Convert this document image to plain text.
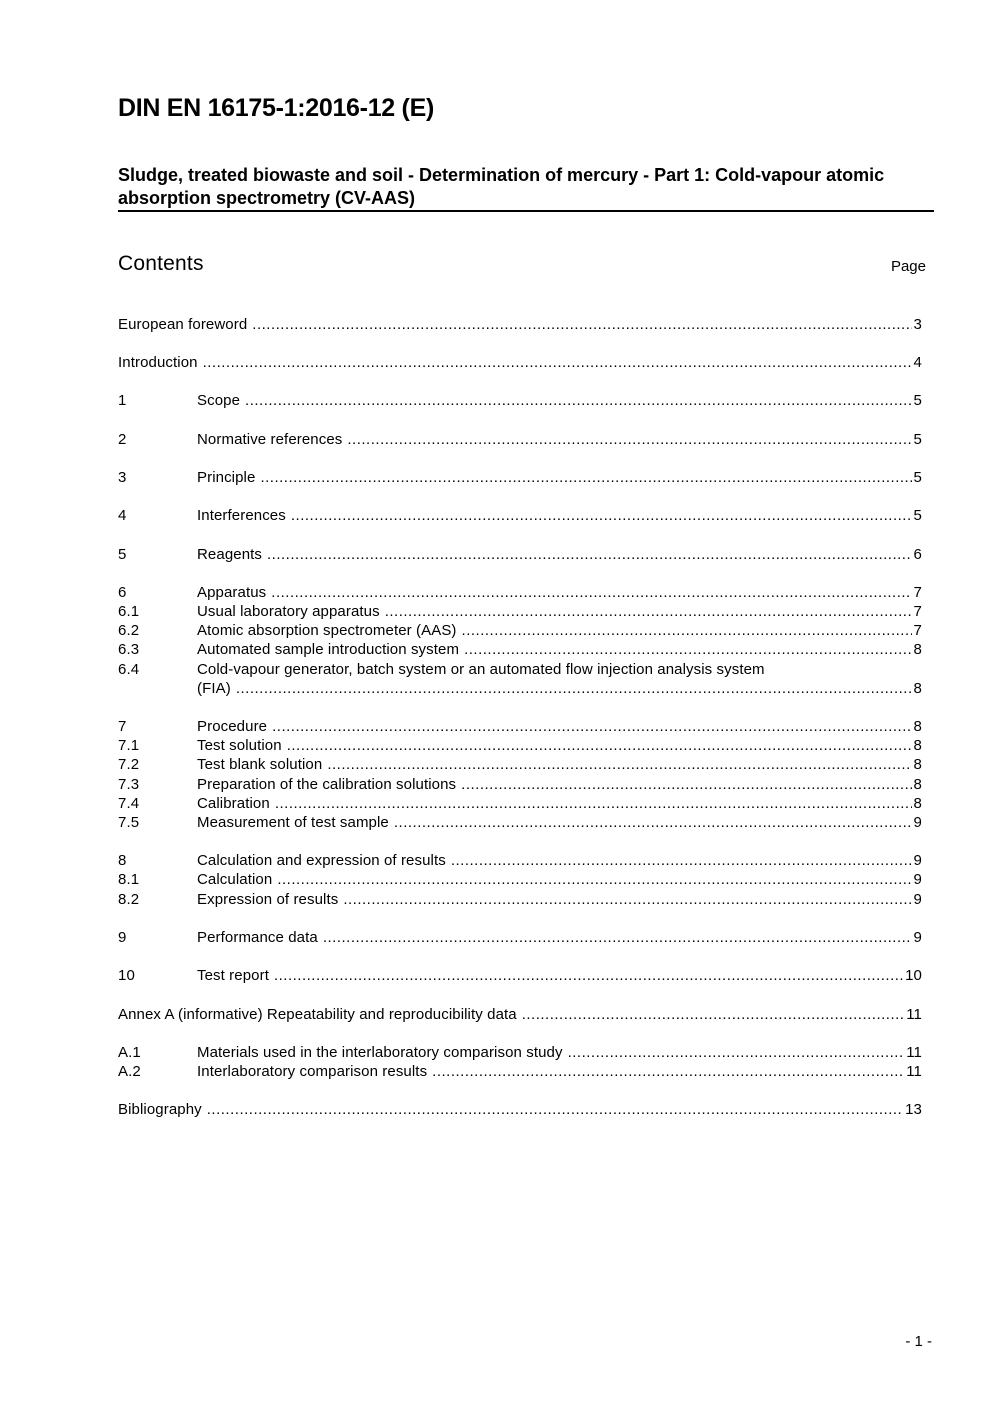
DIN EN 16175-1:2016-12 (E)
Sludge, treated biowaste and soil - Determination of mercury - Part 1: Cold-vapour atomic absorption spectrometry (CV-AAS)
Contents	Page
European foreword .....	3
Introduction .....	4
1	Scope .....	5
2	Normative references .....	5
3	Principle .....	5
4	Interferences .....	5
5	Reagents .....	6
6	Apparatus .....	7
6.1	Usual laboratory apparatus .....	7
6.2	Atomic absorption spectrometer (AAS) .....	7
6.3	Automated sample introduction system .....	8
6.4	Cold-vapour generator, batch system or an automated flow injection analysis system
(FIA) .....	8
7	Procedure .....	8
7.1	Test solution .....	8
7.2	Test blank solution .....	8
7.3	Preparation of the calibration solutions .....	8
7.4	Calibration .....	8
7.5	Measurement of test sample .....	9
8	Calculation and expression of results .....	9
8.1	Calculation .....	9
8.2	Expression of results .....	9
9	Performance data .....	9
10	Test report .....	10
Annex A (informative) Repeatability and reproducibility data .....	11
A.1	Materials used in the interlaboratory comparison study .....	11
A.2	Interlaboratory comparison results .....	11
Bibliography .....	13
- 1 -
